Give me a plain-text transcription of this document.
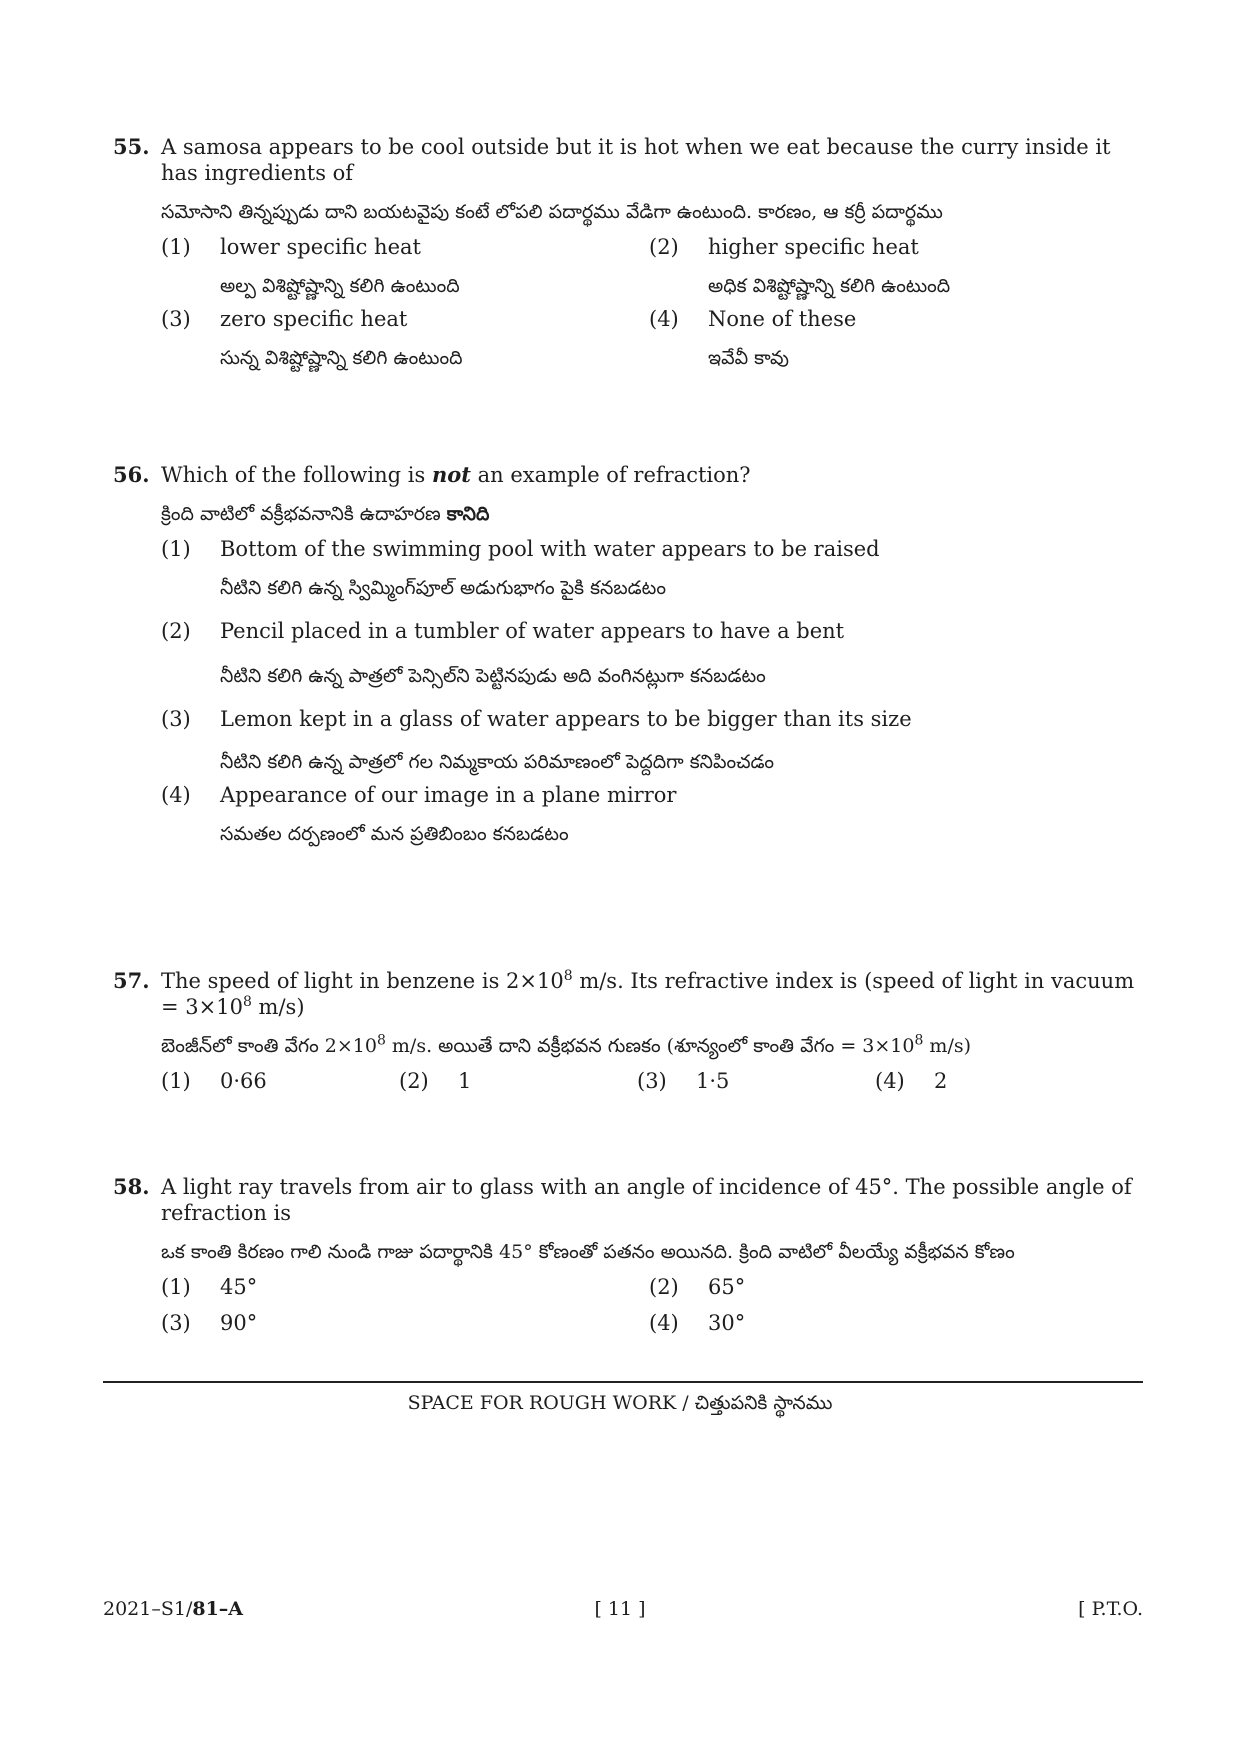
55. A samosa appears to be cool outside but it is hot when we eat because the curry inside it has ingredients of
సమోసాని తిన్నప్పుడు దాని బయటవైపు కంటే లోపలి పదార్థము వేడిగా ఉంటుంది. కారణం, ఆ కర్రీ పదార్థము
(1) lower specific heat
అల్ప విశిష్టోష్ణాన్ని కలిగి ఉంటుంది
(2) higher specific heat
అధిక విశిష్టోష్ణాన్ని కలిగి ఉంటుంది
(3) zero specific heat
సున్న విశిష్టోష్ణాన్ని కలిగి ఉంటుంది
(4) None of these
ఇవేవీ కావు
56. Which of the following is not an example of refraction?
క్రింది వాటిలో వక్రీభవనానికి ఉదాహరణ కానిది
(1) Bottom of the swimming pool with water appears to be raised
నీటిని కలిగి ఉన్న స్విమ్మింగ్‌పూల్ అడుగుభాగం పైకి కనబడటం
(2) Pencil placed in a tumbler of water appears to have a bent
నీటిని కలిగి ఉన్న పాత్రలో పెన్సిల్‌ని పెట్టినపుడు అది వంగినట్లుగా కనబడటం
(3) Lemon kept in a glass of water appears to be bigger than its size
నీటిని కలిగి ఉన్న పాత్రలో గల నిమ్మకాయ పరిమాణంలో పెద్దదిగా కనిపించడం
(4) Appearance of our image in a plane mirror
సమతల దర్పణంలో మన ప్రతిబింబం కనబడటం
57. The speed of light in benzene is $2\times 10^8$ m/s. Its refractive index is (speed of light in vacuum = $3\times 10^8$ m/s)
బెంజీన్‌లో కాంతి వేగం $2\times 10^8$ m/s. అయితే దాని వక్రీభవన గుణకం (శూన్యంలో కాంతి వేగం = $3\times 10^8$ m/s)
(1) 0·66	(2) 1	(3) 1·5	(4) 2
58. A light ray travels from air to glass with an angle of incidence of 45°. The possible angle of refraction is
ఒక కాంతి కిరణం గాలి నుండి గాజు పదార్థానికి 45° కోణంతో పతనం అయినది. క్రింది వాటిలో వీలయ్యే వక్రీభవన కోణం
(1) 45°	(2) 65°
(3) 90°	(4) 30°
SPACE FOR ROUGH WORK / చిత్తుపనికి స్థానము
2021–S1/81–A	[ 11 ]	[ P.T.O.
